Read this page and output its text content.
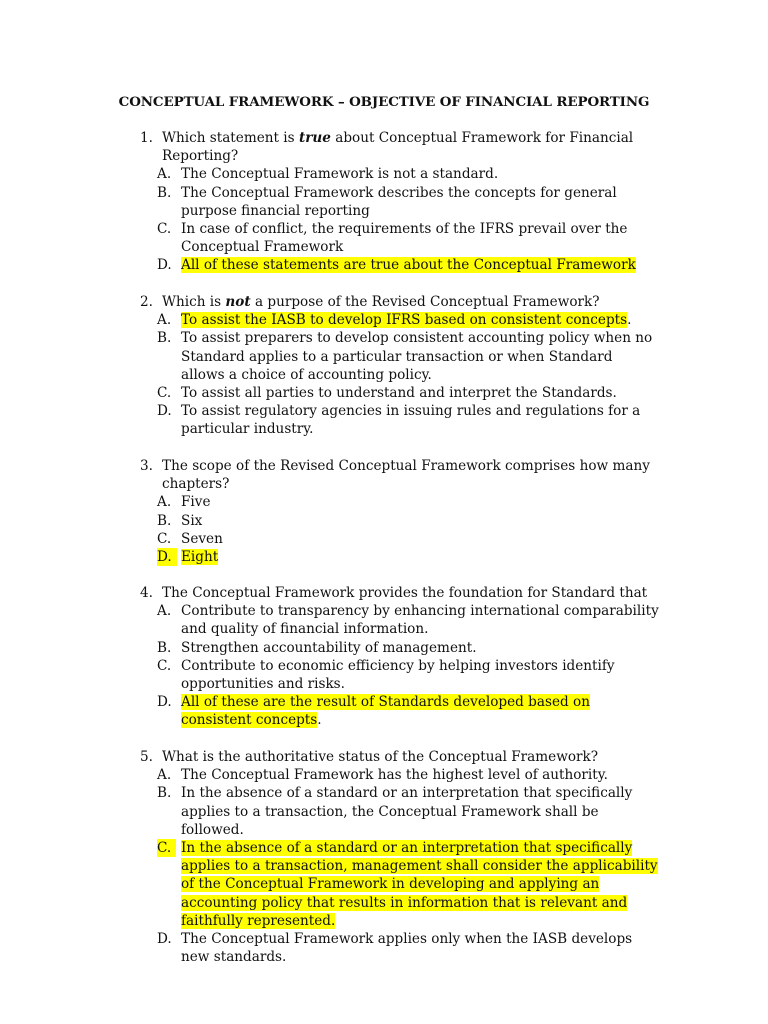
CONCEPTUAL FRAMEWORK – OBJECTIVE OF FINANCIAL REPORTING
1. Which statement is true about Conceptual Framework for Financial Reporting?
A. The Conceptual Framework is not a standard.
B. The Conceptual Framework describes the concepts for general purpose financial reporting
C. In case of conflict, the requirements of the IFRS prevail over the Conceptual Framework
D. All of these statements are true about the Conceptual Framework
2. Which is not a purpose of the Revised Conceptual Framework?
A. To assist the IASB to develop IFRS based on consistent concepts.
B. To assist preparers to develop consistent accounting policy when no Standard applies to a particular transaction or when Standard allows a choice of accounting policy.
C. To assist all parties to understand and interpret the Standards.
D. To assist regulatory agencies in issuing rules and regulations for a particular industry.
3. The scope of the Revised Conceptual Framework comprises how many chapters?
A. Five
B. Six
C. Seven
D. Eight
4. The Conceptual Framework provides the foundation for Standard that
A. Contribute to transparency by enhancing international comparability and quality of financial information.
B. Strengthen accountability of management.
C. Contribute to economic efficiency by helping investors identify opportunities and risks.
D. All of these are the result of Standards developed based on consistent concepts.
5. What is the authoritative status of the Conceptual Framework?
A. The Conceptual Framework has the highest level of authority.
B. In the absence of a standard or an interpretation that specifically applies to a transaction, the Conceptual Framework shall be followed.
C. In the absence of a standard or an interpretation that specifically applies to a transaction, management shall consider the applicability of the Conceptual Framework in developing and applying an accounting policy that results in information that is relevant and faithfully represented.
D. The Conceptual Framework applies only when the IASB develops new standards.
